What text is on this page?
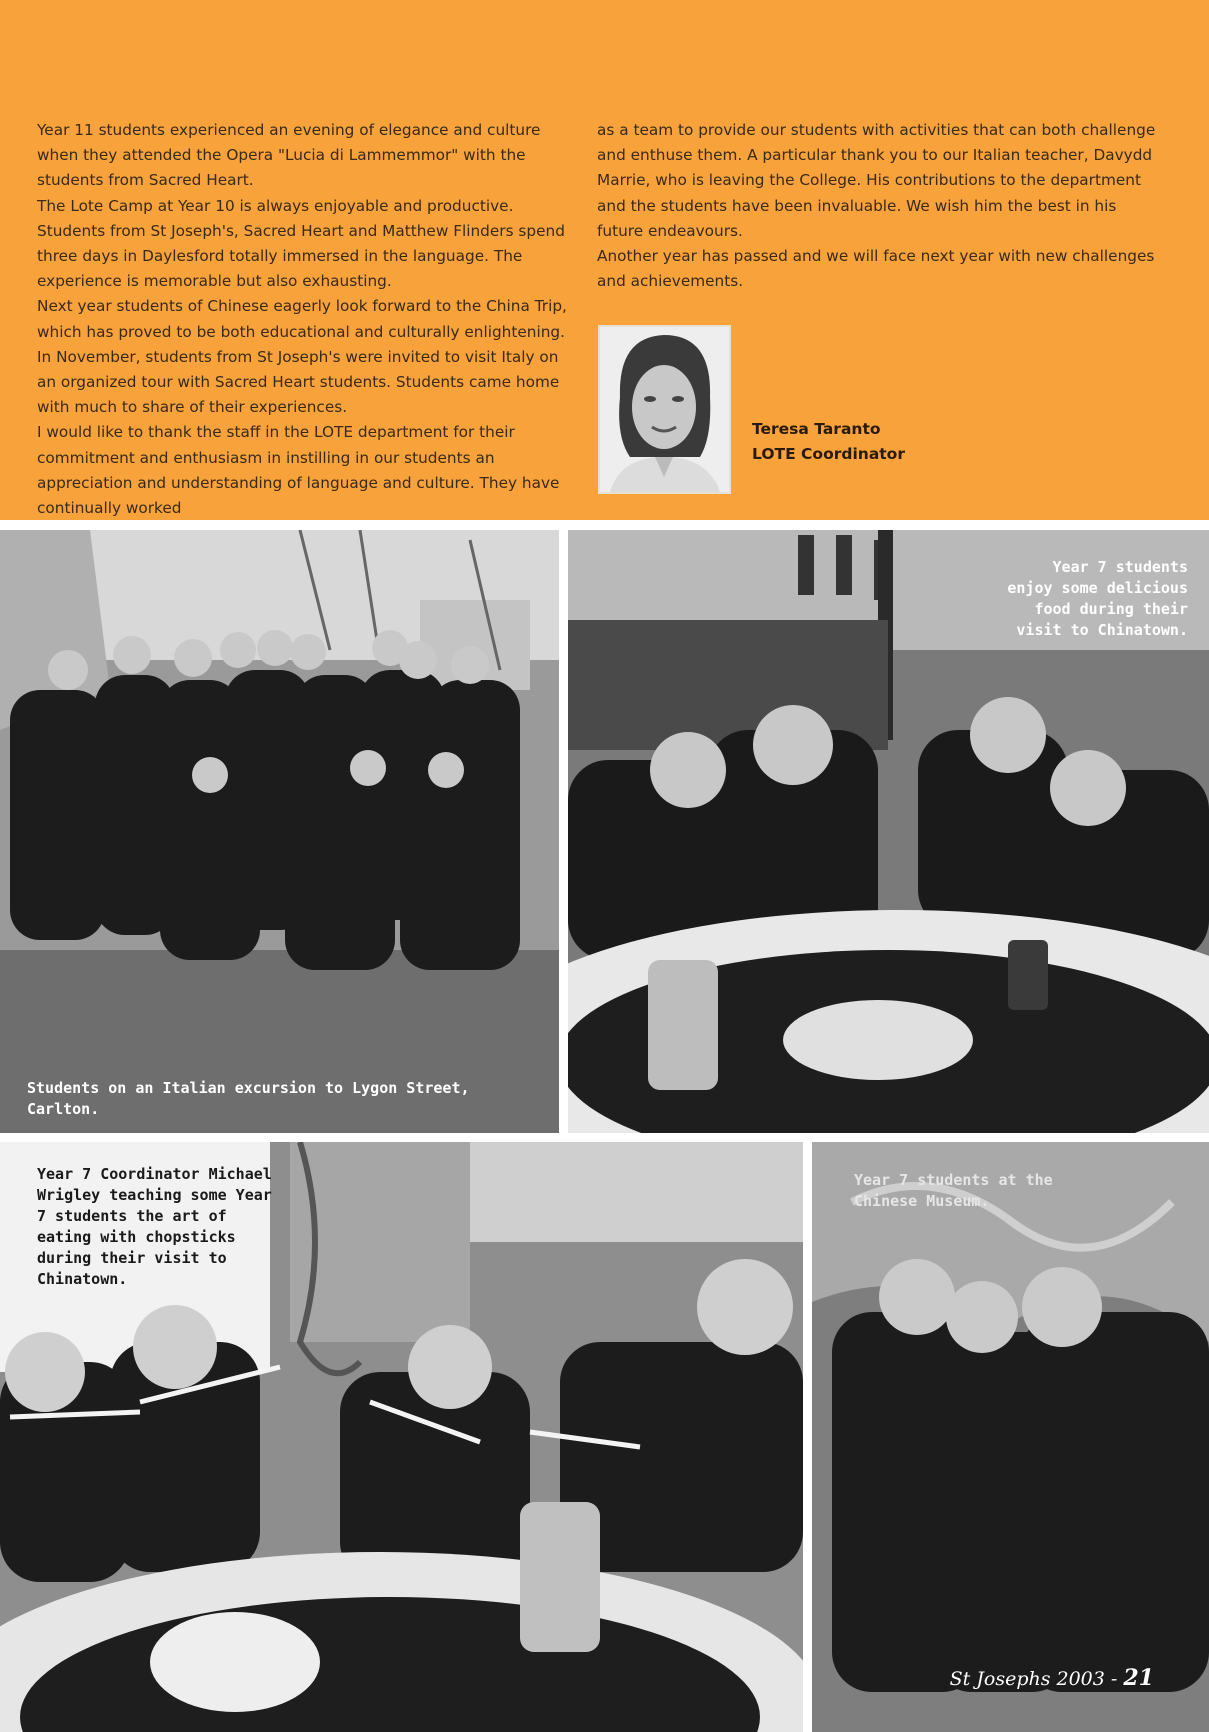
Year 11 students experienced an evening of elegance and culture when they attended the Opera "Lucia di Lammemmor" with the students from Sacred Heart.

The Lote Camp at Year 10 is always enjoyable and productive. Students from St Joseph's, Sacred Heart and Matthew Flinders spend three days in Daylesford totally immersed in the language. The experience is memorable but also exhausting.

Next year students of Chinese eagerly look forward to the China Trip, which has proved to be both educational and culturally enlightening.

In November, students from St Joseph's were invited to visit Italy on an organized tour with Sacred Heart students. Students came home with much to share of their experiences.

I would like to thank the staff in the LOTE department for their commitment and enthusiasm in instilling in our students an appreciation and understanding of language and culture. They have continually worked

as a team to provide our students with activities that can both challenge and enthuse them. A particular thank you to our Italian teacher, Davydd Marrie, who is leaving the College. His contributions to the department and the students have been invaluable. We wish him the best in his future endeavours.

Another year has passed and we will face next year with new challenges and achievements.

Teresa Taranto
LOTE Coordinator
Students on an Italian excursion to Lygon Street, Carlton.
Year 7 students enjoy some delicious food during their visit to Chinatown.
Year 7 Coordinator Michael Wrigley teaching some Year 7 students the art of eating with chopsticks during their visit to Chinatown.
Year 7 students at the Chinese Museum.
St Josephs 2003 - 21
